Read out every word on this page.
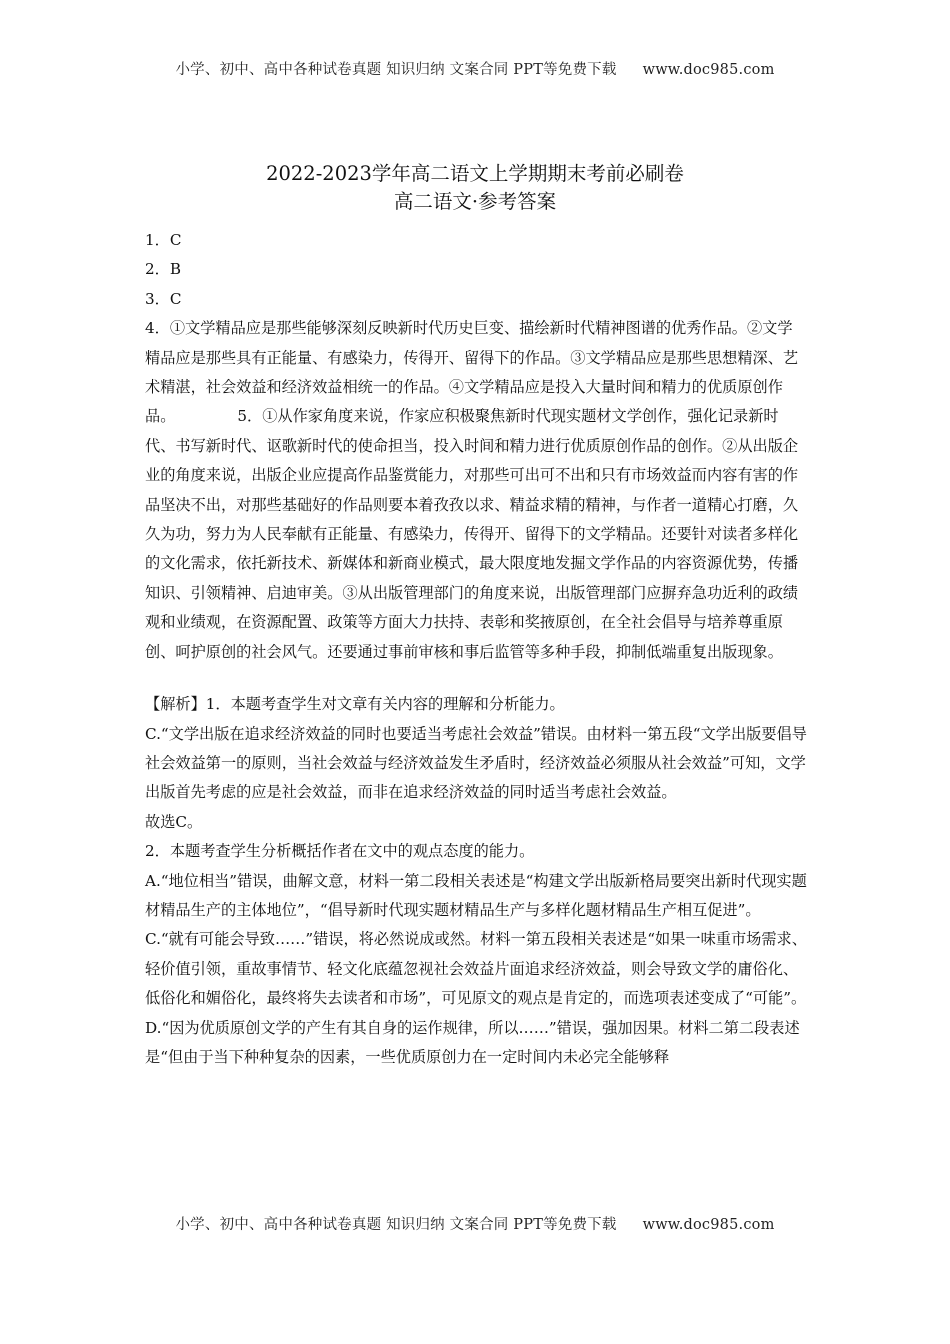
小学、初中、高中各种试卷真题 知识归纳 文案合同 PPT等免费下载 www.doc985.com
2022-2023学年高二语文上学期期末考前必刷卷
高二语文·参考答案

1．C

2．B

3．C

4．①文学精品应是那些能够深刻反映新时代历史巨变、描绘新时代精神图谱的优秀作品。②文学精品应是那些具有正能量、有感染力，传得开、留得下的作品。③文学精品应是那些思想精深、艺术精湛，社会效益和经济效益相统一的作品。④文学精品应是投入大量时间和精力的优质原创作品。	5．①从作家角度来说，作家应积极聚焦新时代现实题材文学创作，强化记录新时代、书写新时代、讴歌新时代的使命担当，投入时间和精力进行优质原创作品的创作。②从出版企业的角度来说，出版企业应提高作品鉴赏能力，对那些可出可不出和只有市场效益而内容有害的作品坚决不出，对那些基础好的作品则要本着孜孜以求、精益求精的精神，与作者一道精心打磨，久久为功，努力为人民奉献有正能量、有感染力，传得开、留得下的文学精品。还要针对读者多样化的文化需求，依托新技术、新媒体和新商业模式，最大限度地发掘文学作品的内容资源优势，传播知识、引领精神、启迪审美。③从出版管理部门的角度来说，出版管理部门应摒弃急功近利的政绩观和业绩观，在资源配置、政策等方面大力扶持、表彰和奖掖原创，在全社会倡导与培养尊重原创、呵护原创的社会风气。还要通过事前审核和事后监管等多种手段，抑制低端重复出版现象。

【解析】1．本题考查学生对文章有关内容的理解和分析能力。

C.“文学出版在追求经济效益的同时也要适当考虑社会效益”错误。由材料一第五段“文学出版要倡导社会效益第一的原则，当社会效益与经济效益发生矛盾时，经济效益必须服从社会效益”可知，文学出版首先考虑的应是社会效益，而非在追求经济效益的同时适当考虑社会效益。

故选C。

2．本题考查学生分析概括作者在文中的观点态度的能力。

A.“地位相当”错误，曲解文意，材料一第二段相关表述是“构建文学出版新格局要突出新时代现实题材精品生产的主体地位”，“倡导新时代现实题材精品生产与多样化题材精品生产相互促进”。

C.“就有可能会导致……”错误，将必然说成或然。材料一第五段相关表述是“如果一味重市场需求、轻价值引领，重故事情节、轻文化底蕴忽视社会效益片面追求经济效益，则会导致文学的庸俗化、低俗化和媚俗化，最终将失去读者和市场”，可见原文的观点是肯定的，而选项表述变成了“可能”。

D.“因为优质原创文学的产生有其自身的运作规律，所以……”错误，强加因果。材料二第二段表述是“但由于当下种种复杂的因素，一些优质原创力在一定时间内未必完全能够释

小学、初中、高中各种试卷真题 知识归纳 文案合同 PPT等免费下载 www.doc985.com
